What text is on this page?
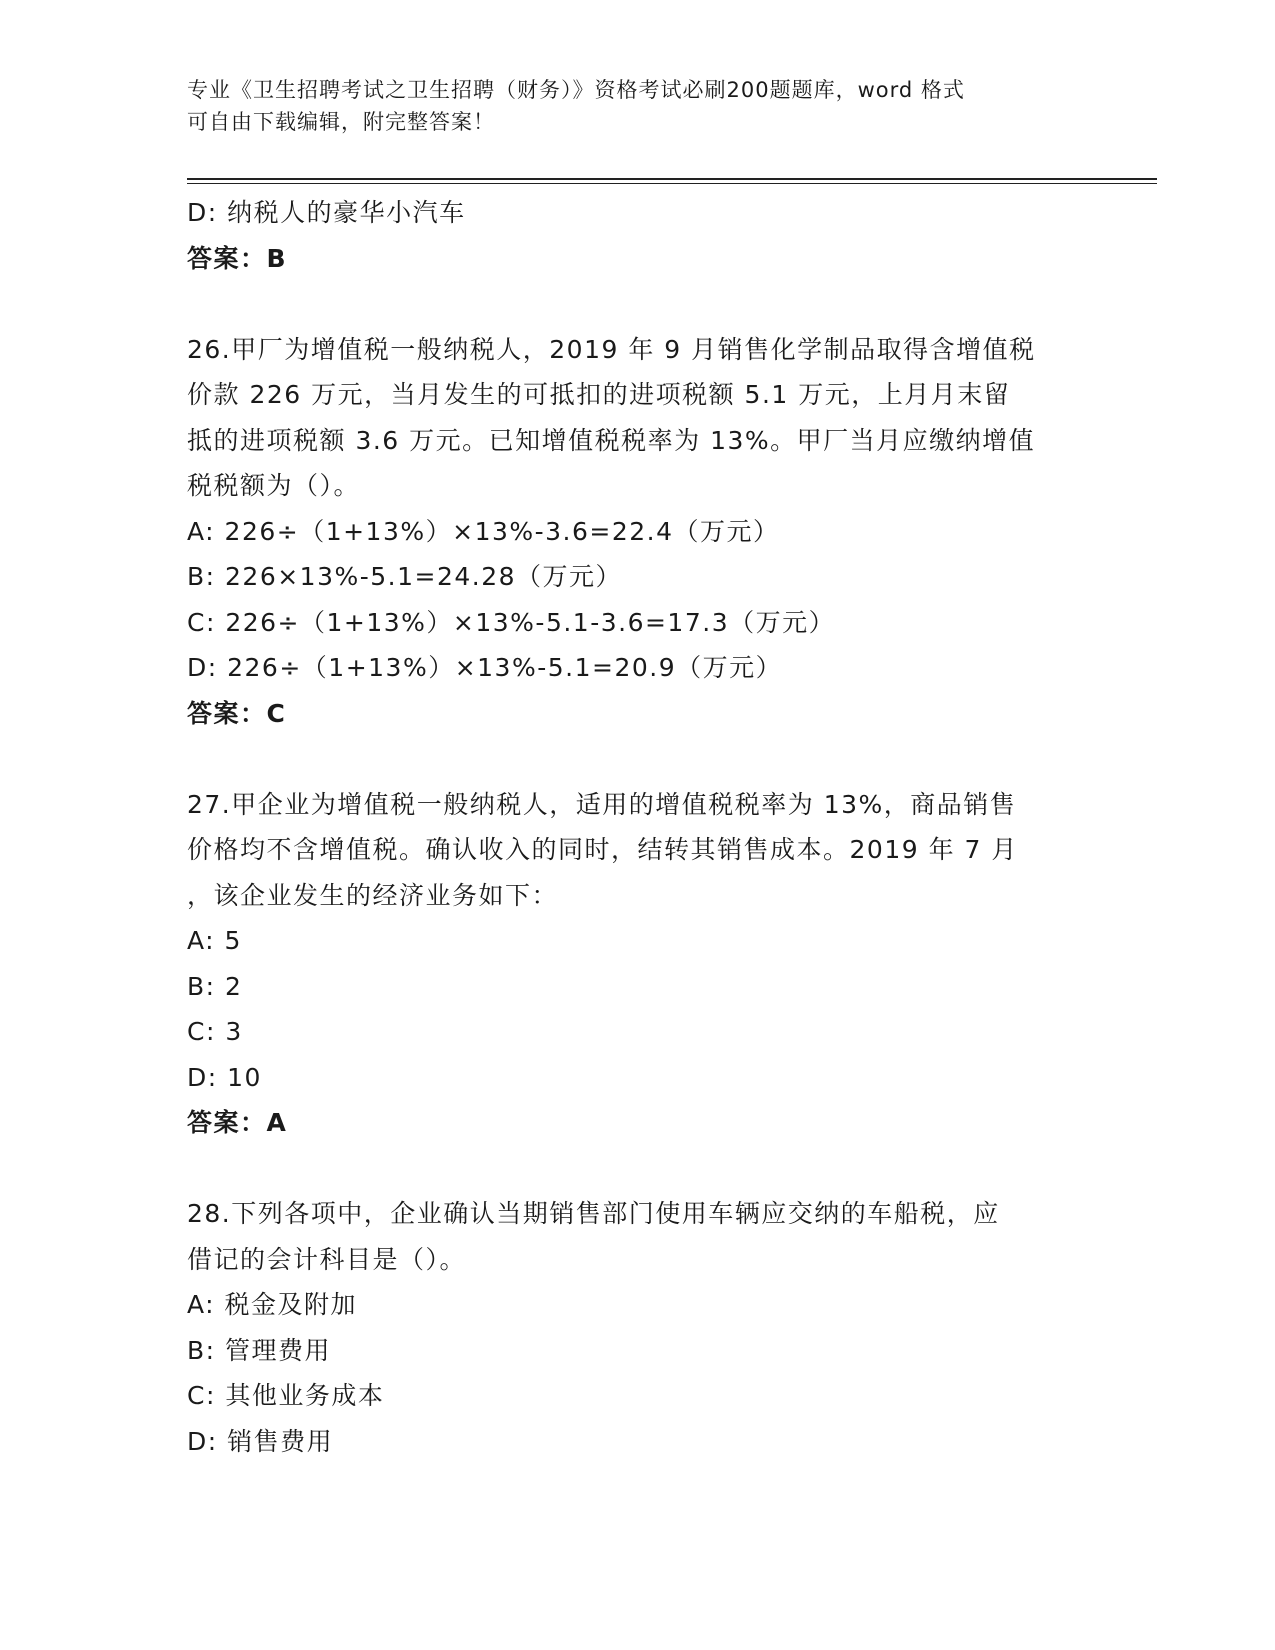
专业《卫生招聘考试之卫生招聘（财务）》资格考试必刷200题题库，word 格式
可自由下载编辑，附完整答案！
D: 纳税人的豪华小汽车
答案：B
26.甲厂为增值税一般纳税人，2019 年 9 月销售化学制品取得含增值税
价款 226 万元，当月发生的可抵扣的进项税额 5.1 万元，上月月末留
抵的进项税额 3.6 万元。已知增值税税率为 13%。甲厂当月应缴纳增值
税税额为（）。
A: 226÷（1+13%）×13%-3.6=22.4（万元）
B: 226×13%-5.1=24.28（万元）
C: 226÷（1+13%）×13%-5.1-3.6=17.3（万元）
D: 226÷（1+13%）×13%-5.1=20.9（万元）
答案：C
27.甲企业为增值税一般纳税人，适用的增值税税率为 13%，商品销售
价格均不含增值税。确认收入的同时，结转其销售成本。2019 年 7 月
，该企业发生的经济业务如下：
A: 5
B: 2
C: 3
D: 10
答案：A
28.下列各项中，企业确认当期销售部门使用车辆应交纳的车船税，应
借记的会计科目是（）。
A: 税金及附加
B: 管理费用
C: 其他业务成本
D: 销售费用
